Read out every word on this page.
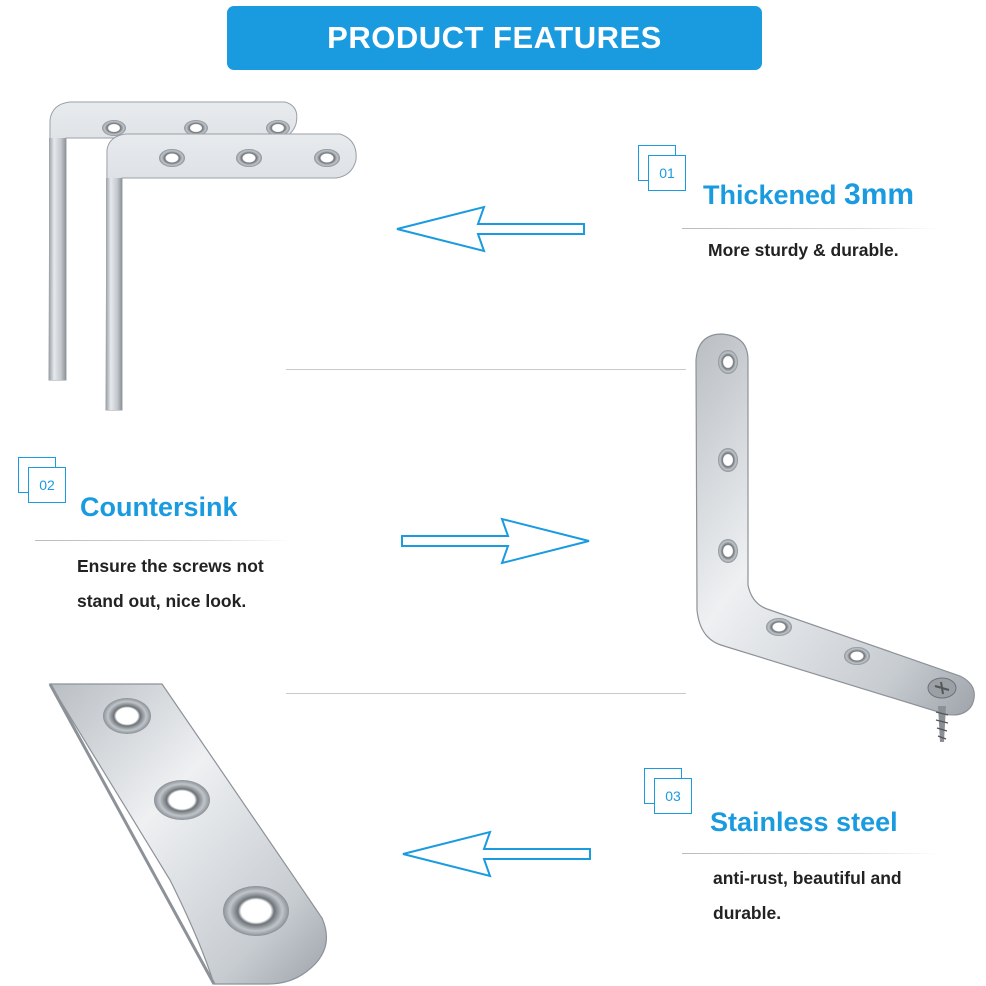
PRODUCT FEATURES
01
Thickened 3mm
More sturdy & durable.
02
Countersink
Ensure the screws not
stand out, nice look.
03
Stainless steel
anti-rust, beautiful and
durable.
